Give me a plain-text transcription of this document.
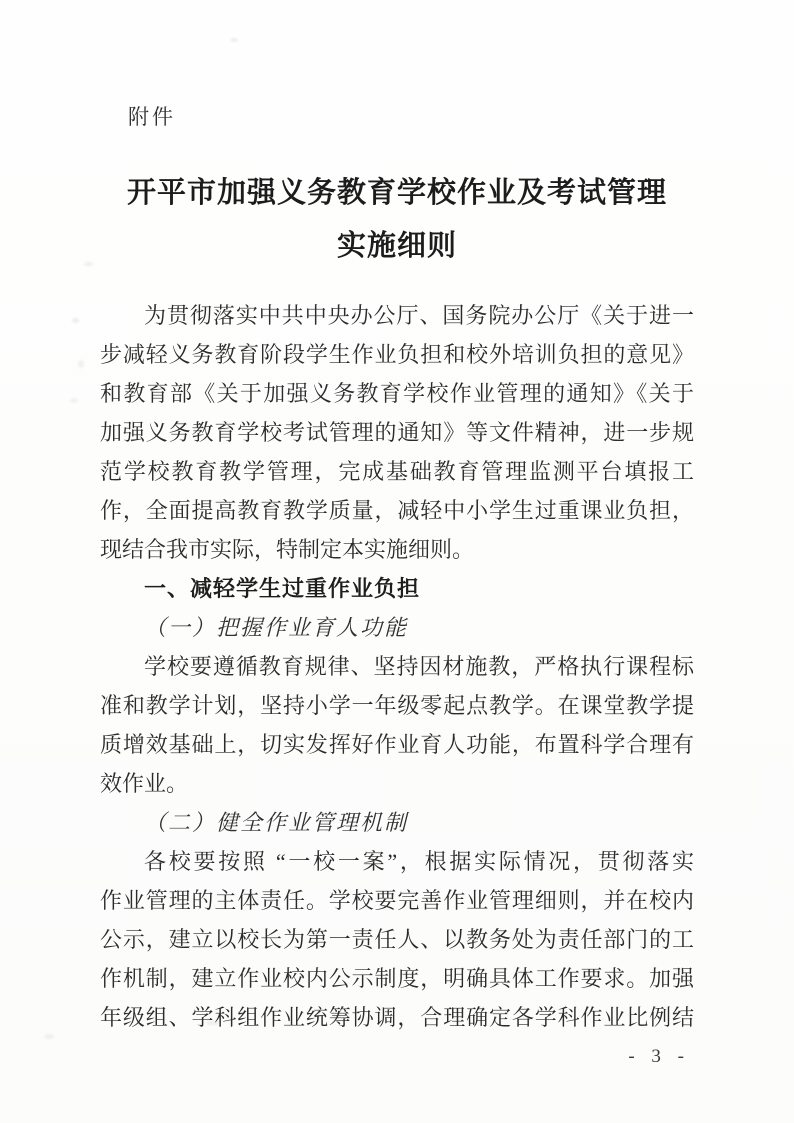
附件
开平市加强义务教育学校作业及考试管理
实施细则
为贯彻落实中共中央办公厅、国务院办公厅《关于进一
步减轻义务教育阶段学生作业负担和校外培训负担的意见》
和教育部《关于加强义务教育学校作业管理的通知》《关于
加强义务教育学校考试管理的通知》等文件精神，进一步规
范学校教育教学管理，完成基础教育管理监测平台填报工
作，全面提高教育教学质量，减轻中小学生过重课业负担，
现结合我市实际，特制定本实施细则。
一、减轻学生过重作业负担
（一）把握作业育人功能
学校要遵循教育规律、坚持因材施教，严格执行课程标
准和教学计划，坚持小学一年级零起点教学。在课堂教学提
质增效基础上，切实发挥好作业育人功能，布置科学合理有
效作业。
（二）健全作业管理机制
各校要按照 “一校一案”，根据实际情况，贯彻落实
作业管理的主体责任。学校要完善作业管理细则，并在校内
公示，建立以校长为第一责任人、以教务处为责任部门的工
作机制，建立作业校内公示制度，明确具体工作要求。加强
年级组、学科组作业统筹协调，合理确定各学科作业比例结
- 3 -
